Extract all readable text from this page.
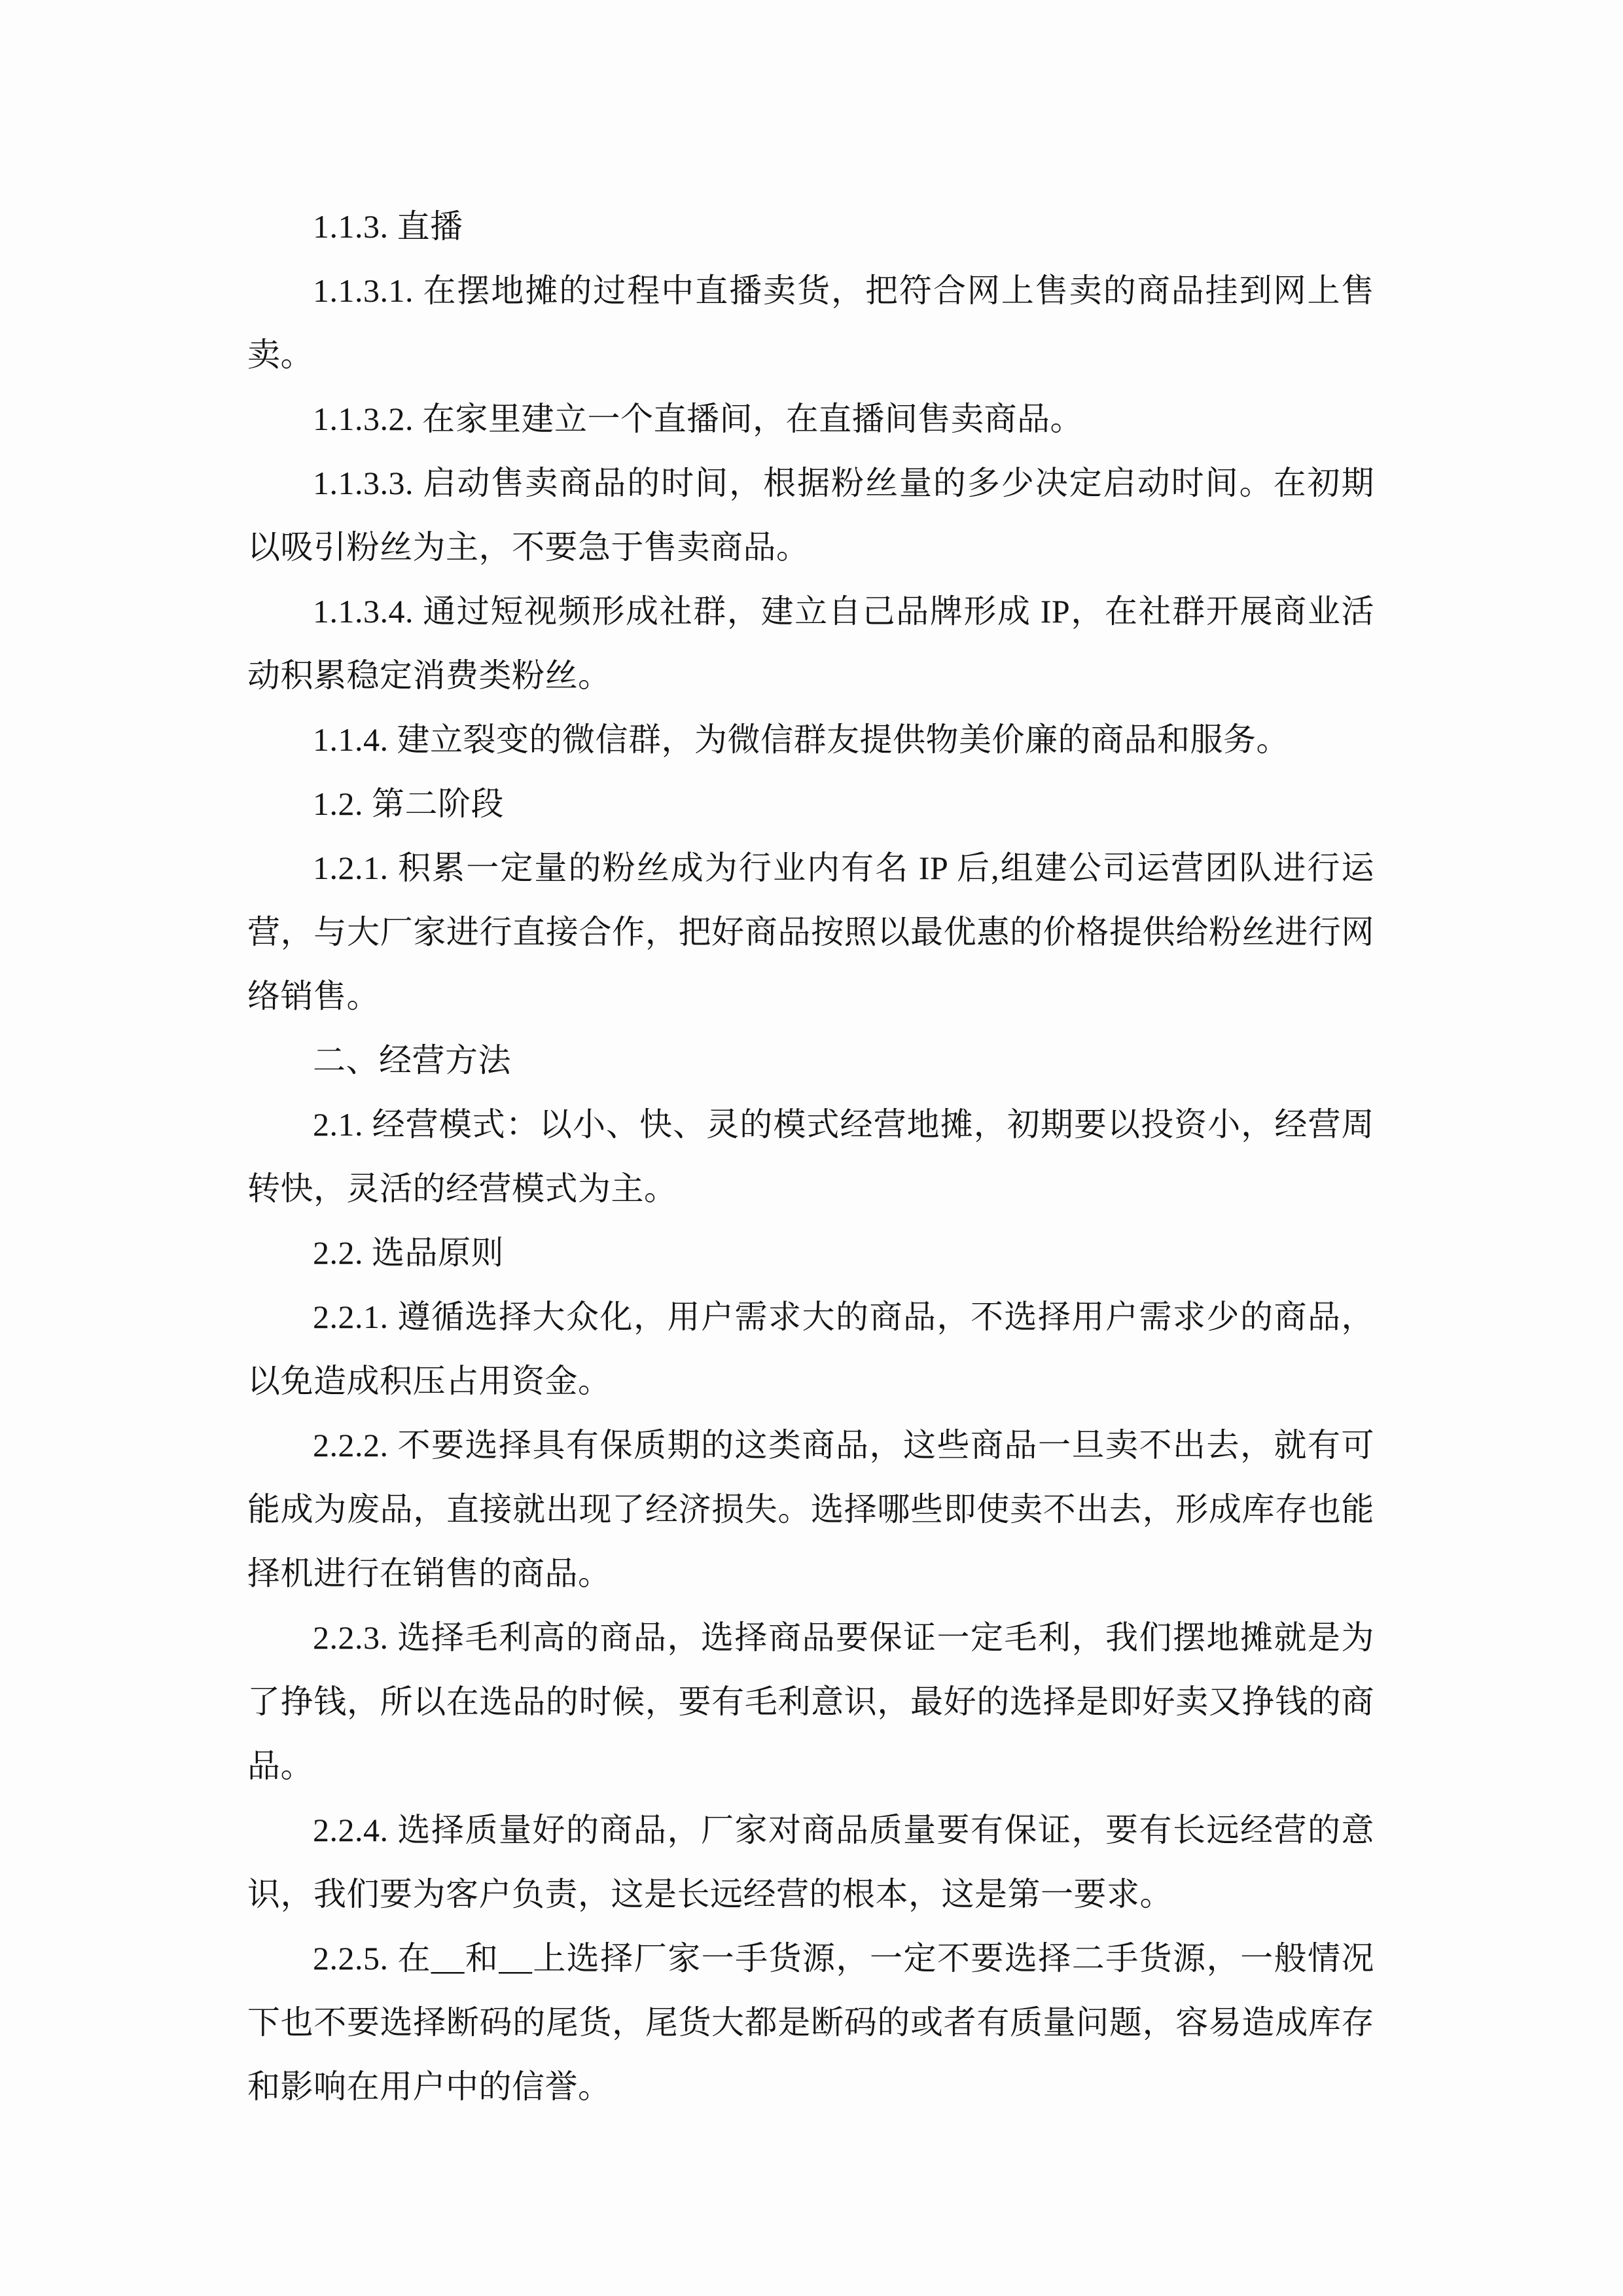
1.1.3. 直播

1.1.3.1. 在摆地摊的过程中直播卖货，把符合网上售卖的商品挂到网上售卖。

1.1.3.2. 在家里建立一个直播间，在直播间售卖商品。

1.1.3.3. 启动售卖商品的时间，根据粉丝量的多少决定启动时间。在初期以吸引粉丝为主，不要急于售卖商品。

1.1.3.4. 通过短视频形成社群，建立自己品牌形成 IP，在社群开展商业活动积累稳定消费类粉丝。

1.1.4. 建立裂变的微信群，为微信群友提供物美价廉的商品和服务。

1.2. 第二阶段

1.2.1. 积累一定量的粉丝成为行业内有名 IP 后,组建公司运营团队进行运营，与大厂家进行直接合作，把好商品按照以最优惠的价格提供给粉丝进行网络销售。

二、经营方法

2.1. 经营模式：以小、快、灵的模式经营地摊，初期要以投资小，经营周转快，灵活的经营模式为主。

2.2. 选品原则

2.2.1. 遵循选择大众化，用户需求大的商品，不选择用户需求少的商品，以免造成积压占用资金。

2.2.2. 不要选择具有保质期的这类商品，这些商品一旦卖不出去，就有可能成为废品，直接就出现了经济损失。选择哪些即使卖不出去，形成库存也能择机进行在销售的商品。

2.2.3. 选择毛利高的商品，选择商品要保证一定毛利，我们摆地摊就是为了挣钱，所以在选品的时候，要有毛利意识，最好的选择是即好卖又挣钱的商品。

2.2.4. 选择质量好的商品，厂家对商品质量要有保证，要有长远经营的意识，我们要为客户负责，这是长远经营的根本，这是第一要求。

2.2.5. 在__和__上选择厂家一手货源，一定不要选择二手货源，一般情况下也不要选择断码的尾货，尾货大都是断码的或者有质量问题，容易造成库存和影响在用户中的信誉。
